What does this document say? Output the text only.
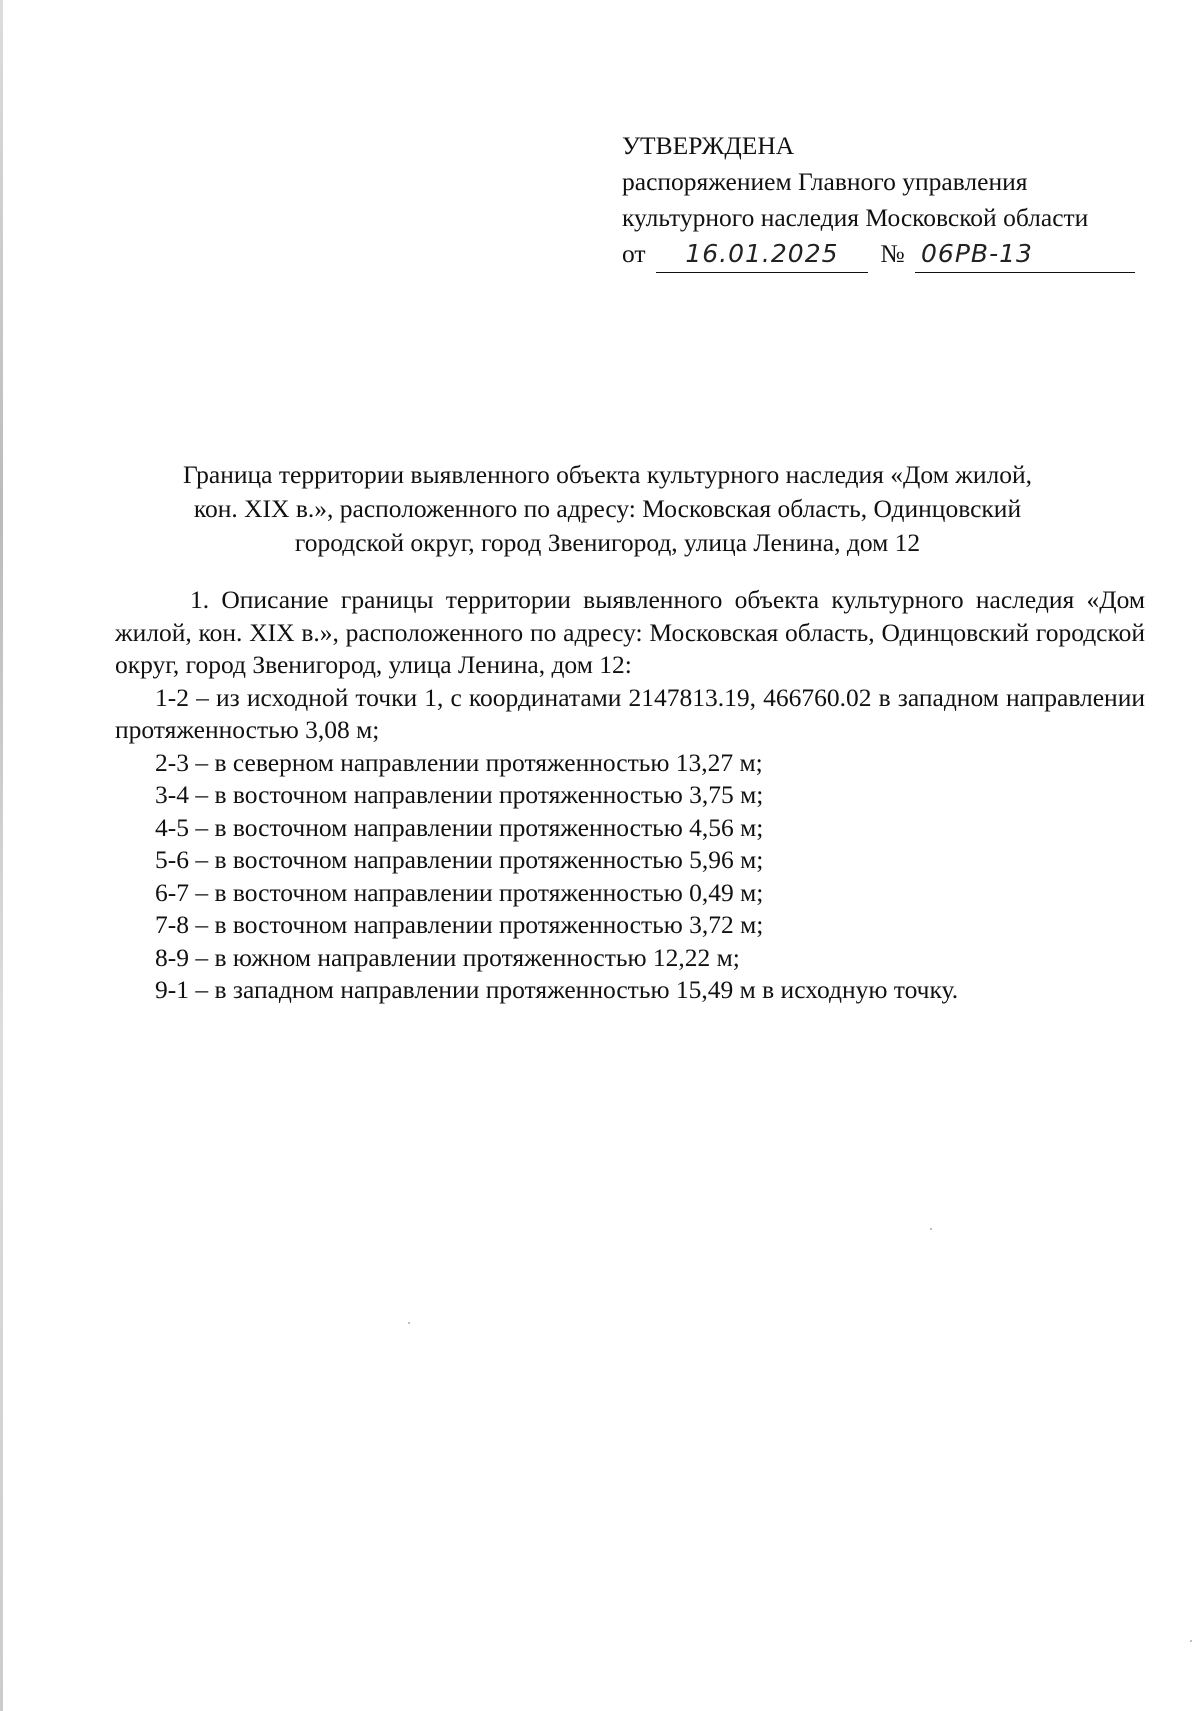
УТВЕРЖДЕНА
распоряжением Главного управления
культурного наследия Московской области
от 16.01.2025 № 06РВ-13
Граница территории выявленного объекта культурного наследия «Дом жилой,
кон. XIX в.», расположенного по адресу: Московская область, Одинцовский
городской округ, город Звенигород, улица Ленина, дом 12
1. Описание границы территории выявленного объекта культурного наследия «Дом жилой, кон. XIX в.», расположенного по адресу: Московская область, Одинцовский городской округ, город Звенигород, улица Ленина, дом 12:
1-2 – из исходной точки 1, с координатами 2147813.19, 466760.02 в западном направлении протяженностью 3,08 м;
2-3 – в северном направлении протяженностью 13,27 м;
3-4 – в восточном направлении протяженностью 3,75 м;
4-5 – в восточном направлении протяженностью 4,56 м;
5-6 – в восточном направлении протяженностью 5,96 м;
6-7 – в восточном направлении протяженностью 0,49 м;
7-8 – в восточном направлении протяженностью 3,72 м;
8-9 – в южном направлении протяженностью 12,22 м;
9-1 – в западном направлении протяженностью 15,49 м в исходную точку.
